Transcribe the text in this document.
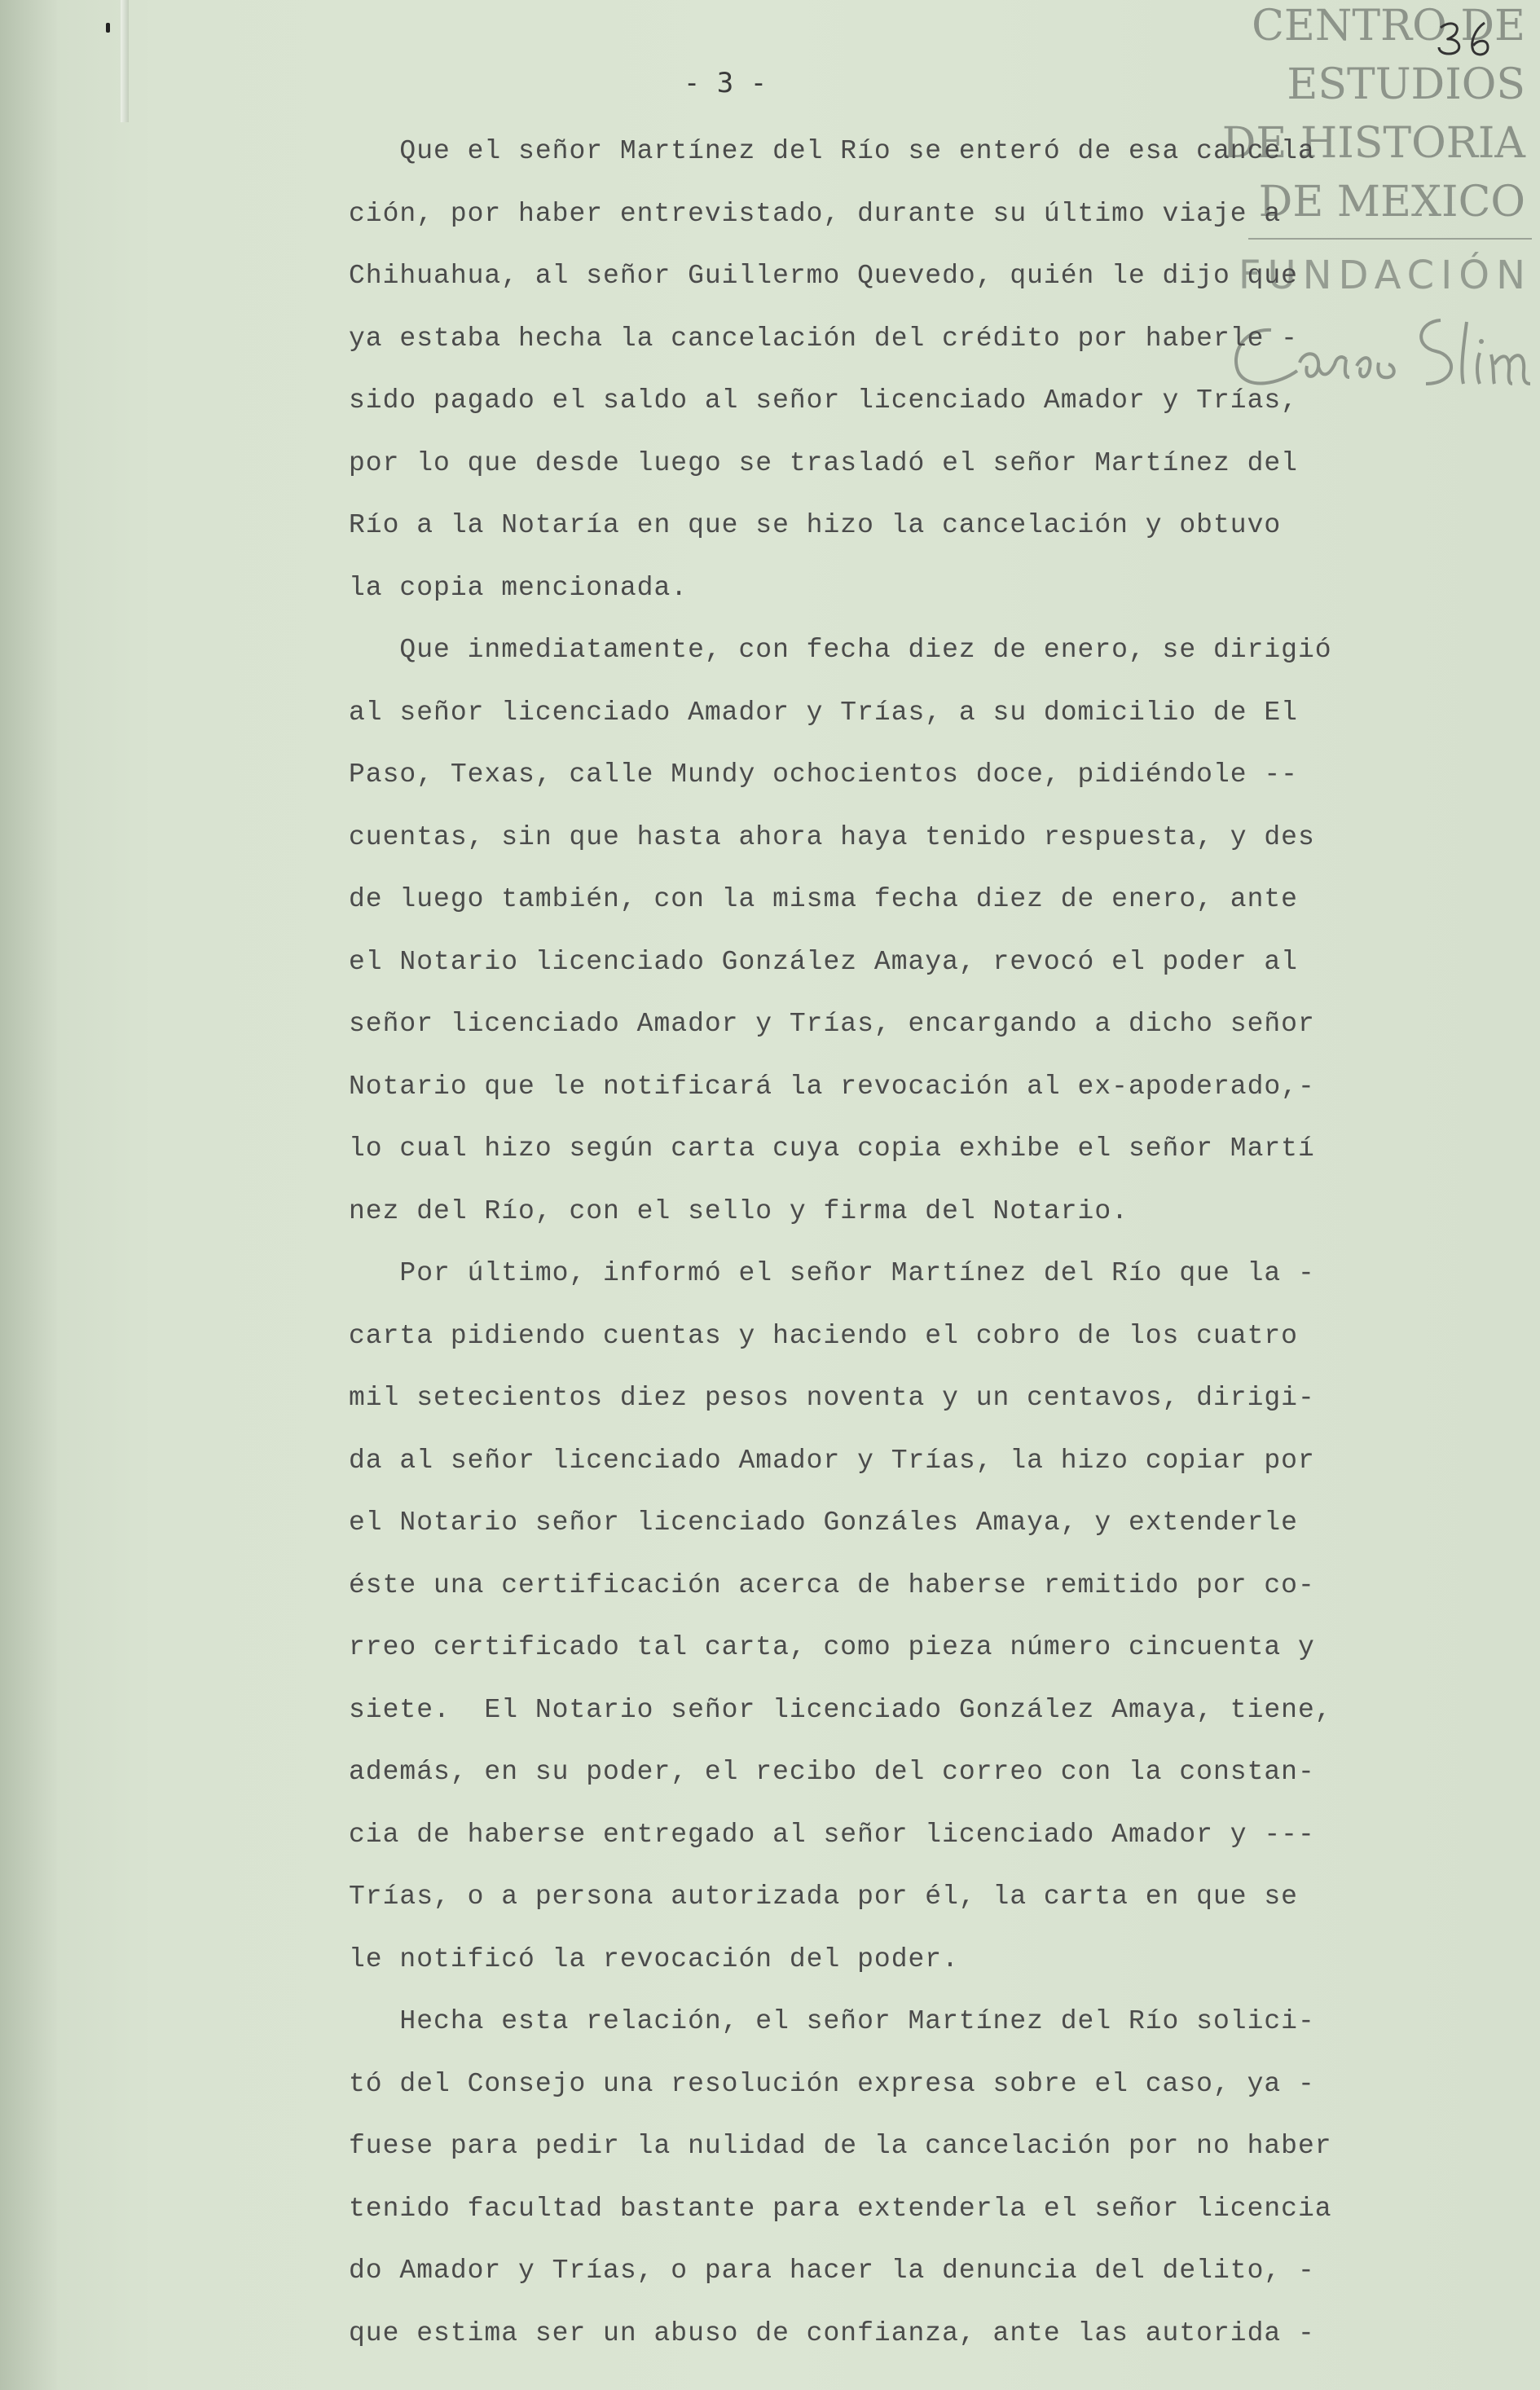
- 3 -
CENTRO DE
ESTUDIOS
DE HISTORIA
DE MEXICO
FUNDACIÓN
Que el señor Martínez del Río se enteró de esa cancela
ción, por haber entrevistado, durante su último viaje a
Chihuahua, al señor Guillermo Quevedo, quién le dijo que
ya estaba hecha la cancelación del crédito por haberle -
sido pagado el saldo al señor licenciado Amador y Trías,
por lo que desde luego se trasladó el señor Martínez del
Río a la Notaría en que se hizo la cancelación y obtuvo
la copia mencionada.
Que inmediatamente, con fecha diez de enero, se dirigió
al señor licenciado Amador y Trías, a su domicilio de El
Paso, Texas, calle Mundy ochocientos doce, pidiéndole --
cuentas, sin que hasta ahora haya tenido respuesta, y des
de luego también, con la misma fecha diez de enero, ante
el Notario licenciado González Amaya, revocó el poder al
señor licenciado Amador y Trías, encargando a dicho señor
Notario que le notificará la revocación al ex-apoderado,-
lo cual hizo según carta cuya copia exhibe el señor Martí
nez del Río, con el sello y firma del Notario.
Por último, informó el señor Martínez del Río que la -
carta pidiendo cuentas y haciendo el cobro de los cuatro
mil setecientos diez pesos noventa y un centavos, dirigi-
da al señor licenciado Amador y Trías, la hizo copiar por
el Notario señor licenciado Gonzáles Amaya, y extenderle
éste una certificación acerca de haberse remitido por co-
rreo certificado tal carta, como pieza número cincuenta y
siete.  El Notario señor licenciado González Amaya, tiene,
además, en su poder, el recibo del correo con la constan-
cia de haberse entregado al señor licenciado Amador y ---
Trías, o a persona autorizada por él, la carta en que se
le notificó la revocación del poder.
Hecha esta relación, el señor Martínez del Río solici-
tó del Consejo una resolución expresa sobre el caso, ya -
fuese para pedir la nulidad de la cancelación por no haber
tenido facultad bastante para extenderla el señor licencia
do Amador y Trías, o para hacer la denuncia del delito, -
que estima ser un abuso de confianza, ante las autorida -
